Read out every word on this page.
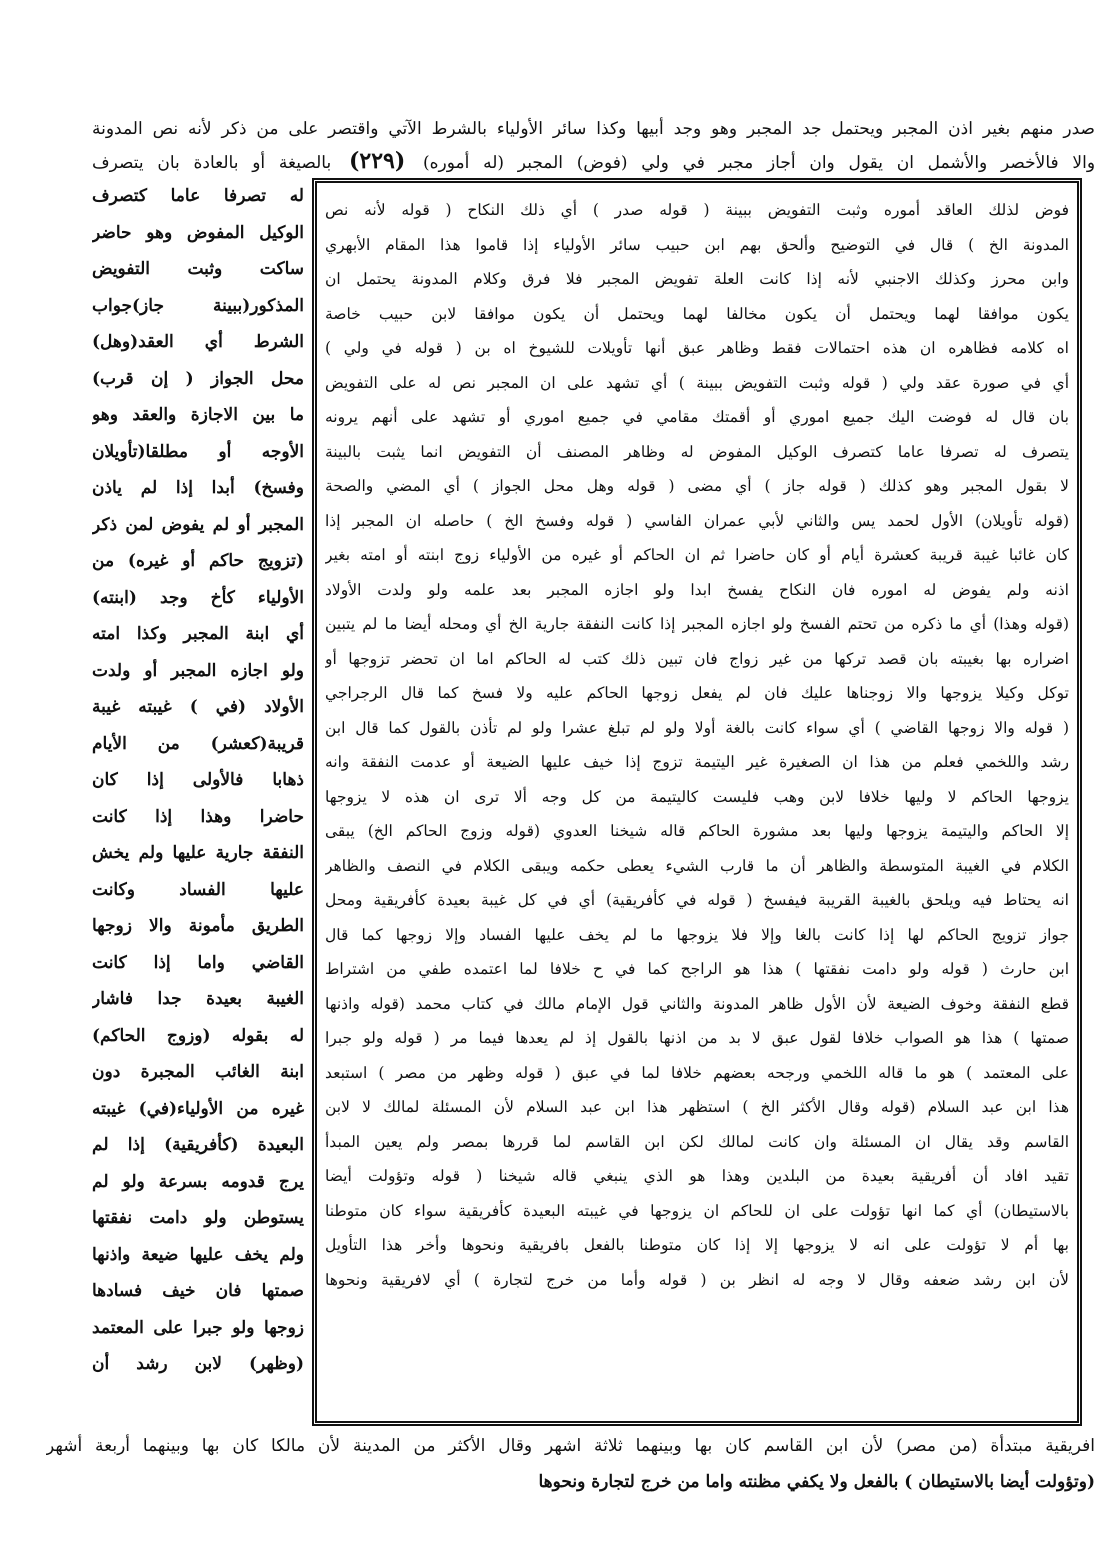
صدر منهم بغير اذن المجبر ويحتمل جد المجبر وهو وجد أبيها وكذا سائر الأولياء بالشرط الآتي واقتصر على من ذكر لأنه نص المدونة
والا فالأخصر والأشمل ان يقول وان أجاز مجبر في ولي (فوض) المجبر (له أموره) (٢٢٩) بالصيغة أو بالعادة بان يتصرف
فوض لذلك العاقد أموره وثبت التفويض ببينة ( قوله صدر ) أي ذلك النكاح ( قوله لأنه نص
المدونة الخ ) قال في التوضيح وألحق بهم ابن حبيب سائر الأولياء إذا قاموا هذا المقام الأبهري
وابن محرز وكذلك الاجنبي لأنه إذا كانت العلة تفويض المجبر فلا فرق وكلام المدونة يحتمل ان
يكون موافقا لهما ويحتمل أن يكون مخالفا لهما ويحتمل أن يكون موافقا لابن حبيب خاصة
اه كلامه فظاهره ان هذه احتمالات فقط وظاهر عبق أنها تأويلات للشيوخ اه بن ( قوله في ولي )
أي في صورة عقد ولي ( قوله وثبت التفويض ببينة ) أي تشهد على ان المجبر نص له على التفويض
بان قال له فوضت اليك جميع اموري أو أقمتك مقامي في جميع اموري أو تشهد على أنهم يرونه
يتصرف له تصرفا عاما كتصرف الوكيل المفوض له وظاهر المصنف أن التفويض انما يثبت بالبينة
لا بقول المجبر وهو كذلك ( قوله جاز ) أي مضى ( قوله وهل محل الجواز ) أي المضي والصحة
(قوله تأويلان) الأول لحمد يس والثاني لأبي عمران الفاسي ( قوله وفسخ الخ ) حاصله ان المجبر إذا
كان غائبا غيبة قريبة كعشرة أيام أو كان حاضرا ثم ان الحاكم أو غيره من الأولياء زوج ابنته أو امته بغير
اذنه ولم يفوض له اموره فان النكاح يفسخ ابدا ولو اجازه المجبر بعد علمه ولو ولدت الأولاد
(قوله وهذا) أي ما ذكره من تحتم الفسخ ولو اجازه المجبر إذا كانت النفقة جارية الخ أي ومحله أيضا ما لم يتبين
اضراره بها بغيبته بان قصد تركها من غير زواج فان تبين ذلك كتب له الحاكم اما ان تحضر تزوجها أو
توكل وكيلا يزوجها والا زوجناها عليك فان لم يفعل زوجها الحاكم عليه ولا فسخ كما قال الرجراجي
( قوله والا زوجها القاضي ) أي سواء كانت بالغة أولا ولو لم تبلغ عشرا ولو لم تأذن بالقول كما قال ابن
رشد واللخمي فعلم من هذا ان الصغيرة غير اليتيمة تزوج إذا خيف عليها الضيعة أو عدمت النفقة وانه
يزوجها الحاكم لا وليها خلافا لابن وهب فليست كاليتيمة من كل وجه ألا ترى ان هذه لا يزوجها
إلا الحاكم واليتيمة يزوجها وليها بعد مشورة الحاكم قاله شيخنا العدوي (قوله وزوج الحاكم الخ) يبقى
الكلام في الغيبة المتوسطة والظاهر أن ما قارب الشيء يعطى حكمه ويبقى الكلام في النصف والظاهر
انه يحتاط فيه ويلحق بالغيبة القريبة فيفسخ ( قوله في كأفريقية) أي في كل غيبة بعيدة كأفريقية ومحل
جواز تزويج الحاكم لها إذا كانت بالغا وإلا فلا يزوجها ما لم يخف عليها الفساد وإلا زوجها كما قال
ابن حارث ( قوله ولو دامت نفقتها ) هذا هو الراجح كما في ح خلافا لما اعتمده طفي من اشتراط
قطع النفقة وخوف الضيعة لأن الأول ظاهر المدونة والثاني قول الإمام مالك في كتاب محمد (قوله واذنها
صمتها ) هذا هو الصواب خلافا لقول عبق لا بد من اذنها بالقول إذ لم يعدها فيما مر ( قوله ولو جبرا
على المعتمد ) هو ما قاله اللخمي ورجحه بعضهم خلافا لما في عبق ( قوله وظهر من مصر ) استبعد
هذا ابن عبد السلام (قوله وقال الأكثر الخ ) استظهر هذا ابن عبد السلام لأن المسئلة لمالك لا لابن
القاسم وقد يقال ان المسئلة وان كانت لمالك لكن ابن القاسم لما قررها بمصر ولم يعين المبدأ
تقيد افاد أن أفريقية بعيدة من البلدين وهذا هو الذي ينبغي قاله شيخنا ( قوله وتؤولت أيضا
بالاستيطان) أي كما انها تؤولت على ان للحاكم ان يزوجها في غيبته البعيدة كأفريقية سواء كان متوطنا
بها أم لا تؤولت على انه لا يزوجها إلا إذا كان متوطنا بالفعل بافريقية ونحوها وأخر هذا التأويل
لأن ابن رشد ضعفه وقال لا وجه له انظر بن ( قوله وأما من خرج لتجارة ) أي لافريقية ونحوها
له تصرفا عاما كتصرف
الوكيل المفوض وهو حاضر
ساكت وثبت التفويض
المذكور(ببينة جاز)جواب
الشرط أي العقد(وهل)
محل الجواز ( إن قرب)
ما بين الاجازة والعقد وهو
الأوجه أو مطلقا(تأويلان
وفسخ) أبدا إذا لم ياذن
المجبر أو لم يفوض لمن ذكر
(تزويج حاكم أو غيره) من
الأولياء كأخ وجد (ابنته)
أي ابنة المجبر وكذا امته
ولو اجازه المجبر أو ولدت
الأولاد (في ) غيبته غيبة
قريبة(كعشر) من الأيام
ذهابا فالأولى إذا كان
حاضرا وهذا إذا كانت
النفقة جارية عليها ولم يخش
عليها الفساد وكانت
الطريق مأمونة والا زوجها
القاضي واما إذا كانت
الغيبة بعيدة جدا فاشار
له بقوله (وزوج الحاكم)
ابنة الغائب المجبرة دون
غيره من الأولياء(في) غيبته
البعيدة (كأفريقية) إذا لم
يرج قدومه بسرعة ولو لم
يستوطن ولو دامت نفقتها
ولم يخف عليها ضيعة واذنها
صمتها فان خيف فسادها
زوجها ولو جبرا على المعتمد
(وظهر) لابن رشد أن
افريقية مبتدأة (من مصر) لأن ابن القاسم كان بها وبينهما ثلاثة اشهر وقال الأكثر من المدينة لأن مالكا كان بها وبينهما أربعة أشهر
(وتؤولت أيضا بالاستيطان ) بالفعل ولا يكفي مظنته واما من خرج لتجارة ونحوها
